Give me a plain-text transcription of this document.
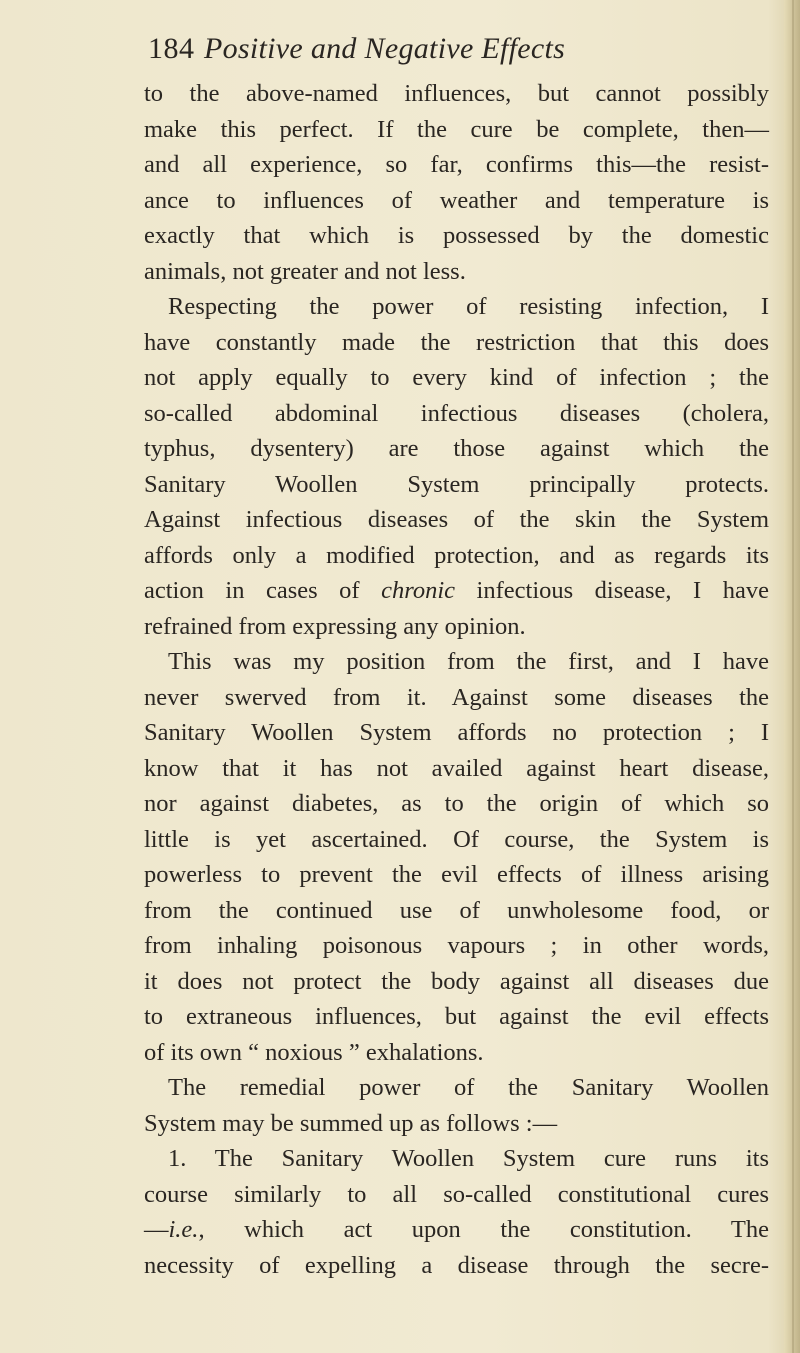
184 Positive and Negative Effects
to the above-named influences, but cannot possibly
make this perfect. If the cure be complete, then—
and all experience, so far, confirms this—the resist-
ance to influences of weather and temperature is
exactly that which is possessed by the domestic
animals, not greater and not less.
Respecting the power of resisting infection, I
have constantly made the restriction that this does
not apply equally to every kind of infection ; the
so-called abdominal infectious diseases (cholera,
typhus, dysentery) are those against which the
Sanitary Woollen System principally protects.
Against infectious diseases of the skin the System
affords only a modified protection, and as regards its
action in cases of chronic infectious disease, I have
refrained from expressing any opinion.
This was my position from the first, and I have
never swerved from it. Against some diseases the
Sanitary Woollen System affords no protection ; I
know that it has not availed against heart disease,
nor against diabetes, as to the origin of which so
little is yet ascertained. Of course, the System is
powerless to prevent the evil effects of illness arising
from the continued use of unwholesome food, or
from inhaling poisonous vapours ; in other words,
it does not protect the body against all diseases due
to extraneous influences, but against the evil effects
of its own “ noxious ” exhalations.
The remedial power of the Sanitary Woollen
System may be summed up as follows :—
1. The Sanitary Woollen System cure runs its
course similarly to all so-called constitutional cures
—i.e., which act upon the constitution. The
necessity of expelling a disease through the secre-
